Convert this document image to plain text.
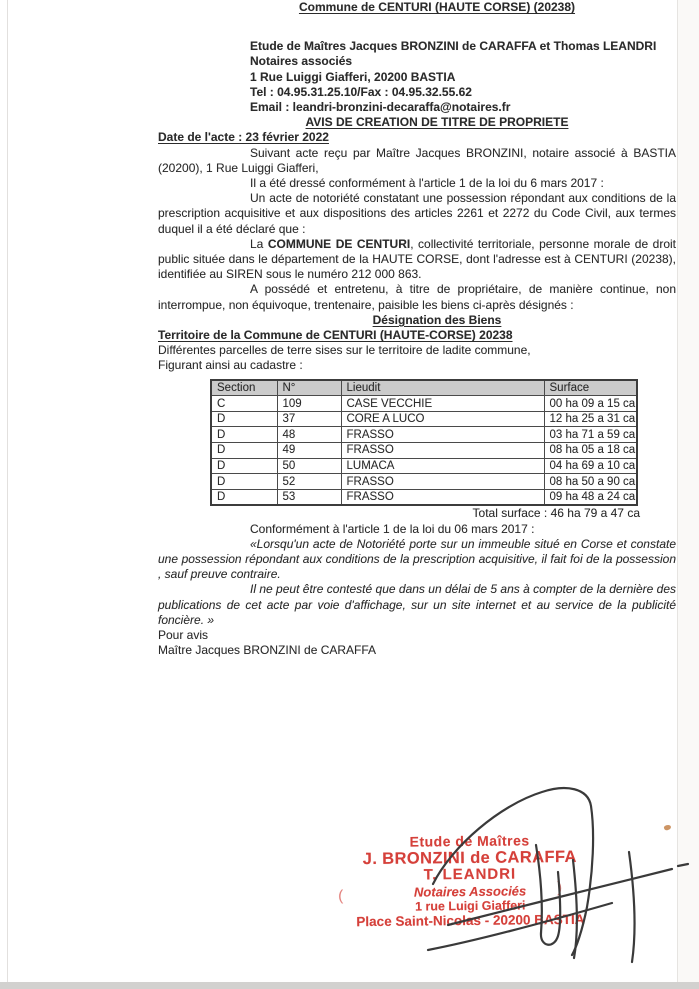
Commune de CENTURI (HAUTE CORSE) (20238)

Etude de Maîtres Jacques BRONZINI de CARAFFA et Thomas LEANDRI

Notaires associés

1 Rue Luiggi Giafferi, 20200 BASTIA

Tel : 04.95.31.25.10/Fax : 04.95.32.55.62

Email : leandri-bronzini-decaraffa@notaires.fr

AVIS DE CREATION DE TITRE DE PROPRIETE

Date de l'acte : 23 février 2022

Suivant acte reçu par Maître Jacques BRONZINI, notaire associé à BASTIA (20200), 1 Rue Luiggi Giafferi,

Il a été dressé conformément à l'article 1 de la loi du 6 mars 2017 :

Un acte de notoriété constatant une possession répondant aux conditions de la prescription acquisitive et aux dispositions des articles 2261 et 2272 du Code Civil, aux termes duquel il a été déclaré que :

La COMMUNE DE CENTURI, collectivité territoriale, personne morale de droit public située dans le département de la HAUTE CORSE, dont l'adresse est à CENTURI (20238), identifiée au SIREN sous le numéro 212 000 863.

A possédé et entretenu, à titre de propriétaire, de manière continue, non interrompue, non équivoque, trentenaire, paisible les biens ci-après désignés :

Désignation des Biens

Territoire de la Commune de CENTURI (HAUTE-CORSE) 20238

Différentes parcelles de terre sises sur le territoire de ladite commune,

Figurant ainsi au cadastre :

Section	N°	Lieudit	Surface
C	109	CASE VECCHIE	00 ha 09 a 15 ca
D	37	CORE A LUCO	12 ha 25 a 31 ca
D	48	FRASSO	03 ha 71 a 59 ca
D	49	FRASSO	08 ha 05 a 18 ca
D	50	LUMACA	04 ha 69 a 10 ca
D	52	FRASSO	08 ha 50 a 90 ca
D	53	FRASSO	09 ha 48 a 24 ca

Total surface : 46 ha 79 a 47 ca

Conformément à l'article 1 de la loi du 06 mars 2017 :

«Lorsqu'un acte de Notoriété porte sur un immeuble situé en Corse et constate une possession répondant aux conditions de la prescription acquisitive, il fait foi de la possession , sauf preuve contraire.

Il ne peut être contesté que dans un délai de 5 ans à compter de la dernière des publications de cet acte par voie d'affichage, sur un site internet et au service de la publicité foncière. »

Pour avis

Maître Jacques BRONZINI de CARAFFA

Etude de Maîtres
J. BRONZINI de CARAFFA
T. LEANDRI
Notaires Associés
1 rue Luigi Giafferi
Place Saint-Nicolas - 20200 BASTIA
(	)
